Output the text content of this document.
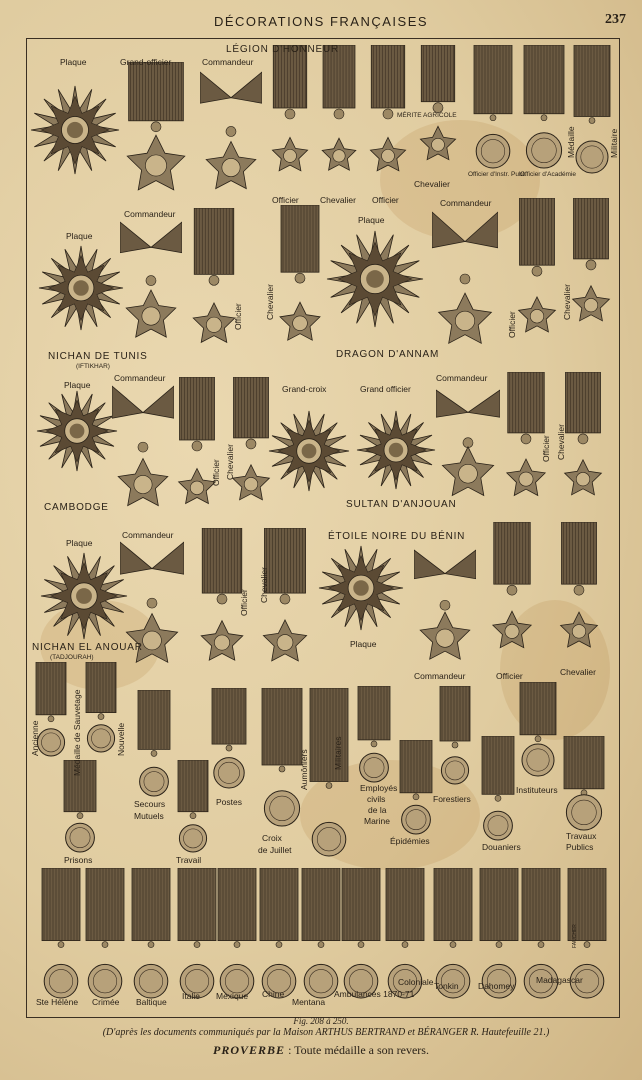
DÉCORATIONS FRANÇAISES	237
LÉGION D'HONNEUR
Plaque	Grand-officier	Commandeur
Officier Chevalier Officier
MÉRITE AGRICOLE
Chevalier
Officier d'Instr. Publ.
Officier d'Académie
Médaille	Militaire
Plaque
Commandeur
Officier	Chevalier
NICHAN DE TUNIS
(IFTIKHAR)
Plaque
Commandeur
Officier
Chevalier
DRAGON D'ANNAM
Plaque
Commandeur
Officier Chevalier
CAMBODGE
Grand-croix	Grand officier
Commandeur
Officier Chevalier
SULTAN D'ANJOUAN
Plaque
Commandeur
Officier Chevalier
NICHAN EL ANOUAR
(TADJOURAH)
ÉTOILE NOIRE DU BÉNIN
Plaque
Commandeur	Officier	Chevalier
Ancienne	Médaille de Sauvetage	Nouvelle
Secours
Mutuels
Postes
Aumôniers	Militaires
Employés
civils
de la
Marine
Forestiers
Instituteurs
Prisons	Travail
Croix
de Juillet
Épidémies
Douaniers
Travaux
Publics
Ste Hélène Crimée Baltique
Italie Mexique Chine
Mentana
Ambulances 1870-71
Coloniale Tonkin Dahomey
Madagascar
Fig. 208 à 250.
(D'après les documents communiqués par la Maison ARTHUS BERTRAND et BÉRANGER R. Hautefeuille 21.)
PROVERBE : Toute médaille a son revers.
FAUCHER
